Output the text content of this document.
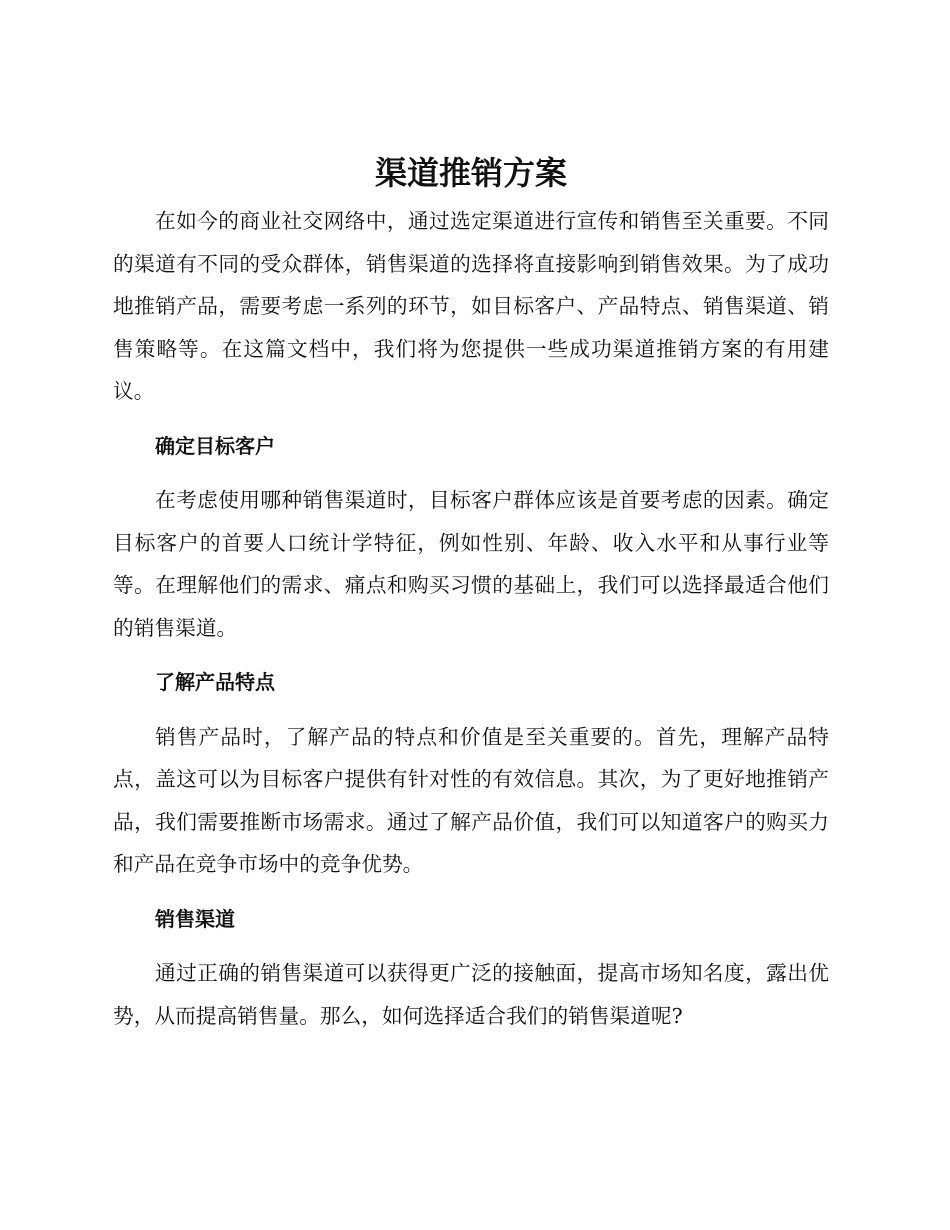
渠道推销方案

在如今的商业社交网络中，通过选定渠道进行宣传和销售至关重要。不同的渠道有不同的受众群体，销售渠道的选择将直接影响到销售效果。为了成功地推销产品，需要考虑一系列的环节，如目标客户、产品特点、销售渠道、销售策略等。在这篇文档中，我们将为您提供一些成功渠道推销方案的有用建议。

确定目标客户

在考虑使用哪种销售渠道时，目标客户群体应该是首要考虑的因素。确定目标客户的首要人口统计学特征，例如性别、年龄、收入水平和从事行业等等。在理解他们的需求、痛点和购买习惯的基础上，我们可以选择最适合他们的销售渠道。

了解产品特点

销售产品时，了解产品的特点和价值是至关重要的。首先，理解产品特点，盖这可以为目标客户提供有针对性的有效信息。其次，为了更好地推销产品，我们需要推断市场需求。通过了解产品价值，我们可以知道客户的购买力和产品在竞争市场中的竞争优势。

销售渠道

通过正确的销售渠道可以获得更广泛的接触面，提高市场知名度，露出优势，从而提高销售量。那么，如何选择适合我们的销售渠道呢?
